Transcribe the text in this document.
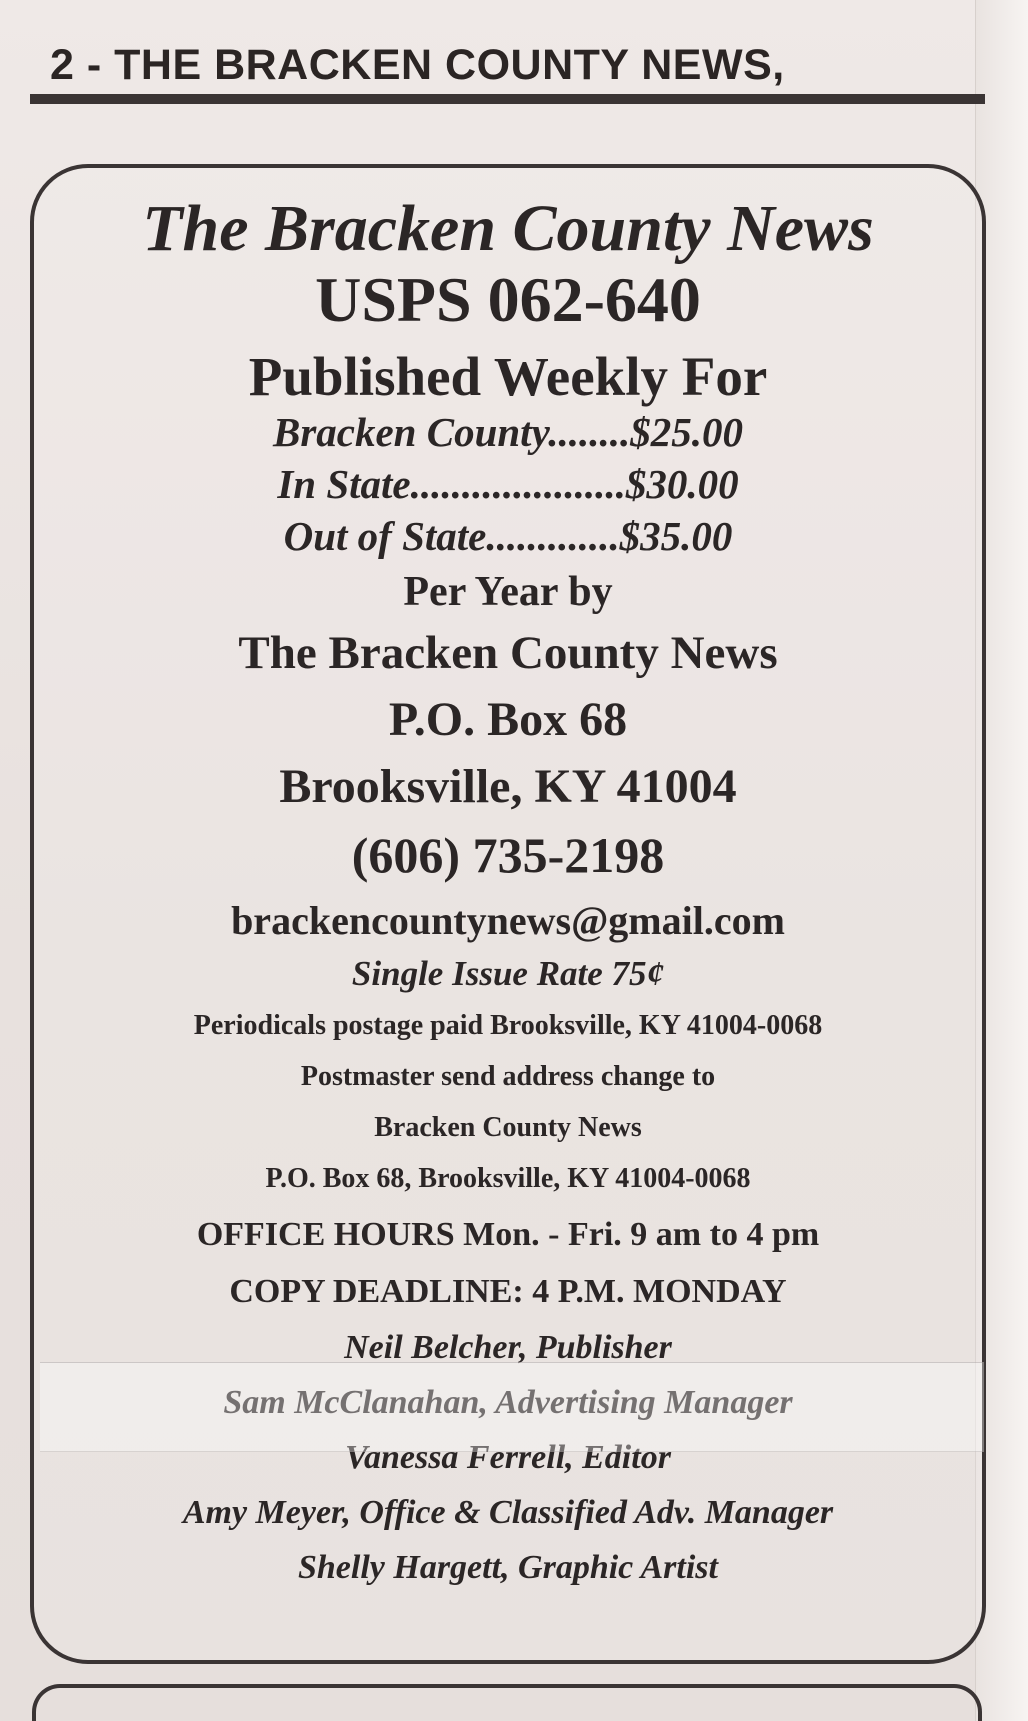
2 - THE BRACKEN COUNTY NEWS,
The Bracken County News
USPS 062-640
Published Weekly For
Bracken County........$25.00
In State.....................$30.00
Out of State.............$35.00
Per Year by
The Bracken County News
P.O. Box 68
Brooksville, KY 41004
(606) 735-2198
brackencountynews@gmail.com
Single Issue Rate 75¢
Periodicals postage paid Brooksville, KY 41004-0068
Postmaster send address change to
Bracken County News
P.O. Box 68, Brooksville, KY 41004-0068
OFFICE HOURS Mon. - Fri. 9 am to 4 pm
COPY DEADLINE: 4 P.M. MONDAY
Neil Belcher, Publisher
Sam McClanahan, Advertising Manager
Vanessa Ferrell, Editor
Amy Meyer, Office & Classified Adv. Manager
Shelly Hargett, Graphic Artist
